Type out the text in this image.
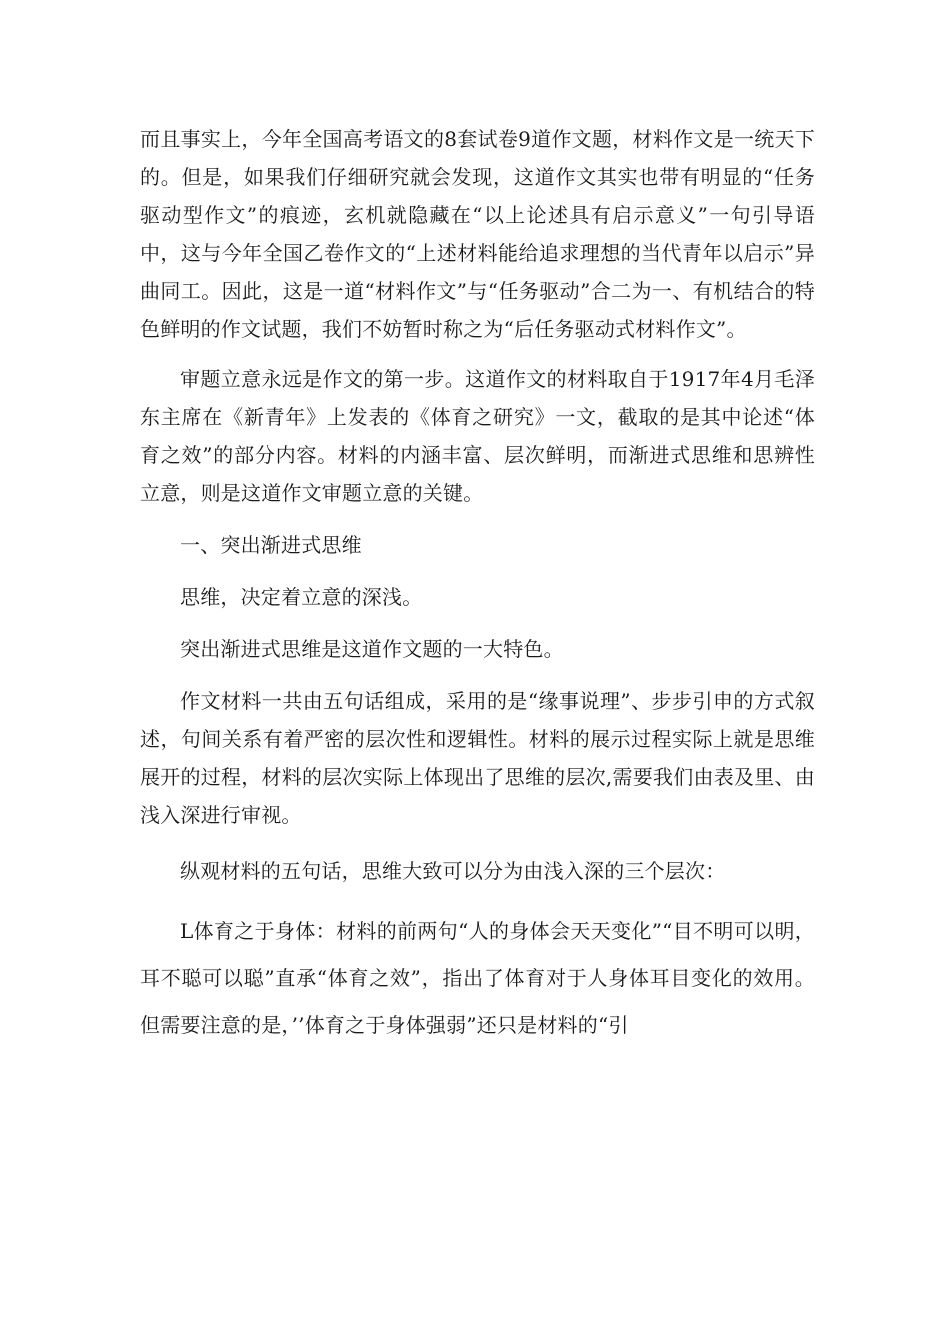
而且事实上，今年全国高考语文的8套试卷9道作文题，材料作文是一统天下的。但是，如果我们仔细研究就会发现，这道作文其实也带有明显的“任务驱动型作文”的痕迹，玄机就隐藏在“以上论述具有启示意义”一句引导语中，这与今年全国乙卷作文的“上述材料能给追求理想的当代青年以启示”异曲同工。因此，这是一道“材料作文”与“任务驱动”合二为一、有机结合的特色鲜明的作文试题，我们不妨暂时称之为“后任务驱动式材料作文”。

审题立意永远是作文的第一步。这道作文的材料取自于1917年4月毛泽东主席在《新青年》上发表的《体育之研究》一文，截取的是其中论述“体育之效”的部分内容。材料的内涵丰富、层次鲜明，而渐进式思维和思辨性立意，则是这道作文审题立意的关键。

一、突出渐进式思维

思维，决定着立意的深浅。

突出渐进式思维是这道作文题的一大特色。

作文材料一共由五句话组成，采用的是“缘事说理”、步步引申的方式叙述，句间关系有着严密的层次性和逻辑性。材料的展示过程实际上就是思维展开的过程，材料的层次实际上体现出了思维的层次,需要我们由表及里、由浅入深进行审视。

纵观材料的五句话，思维大致可以分为由浅入深的三个层次：

L体育之于身体：材料的前两句“人的身体会天天变化”“目不明可以明，耳不聪可以聪”直承“体育之效”，指出了体育对于人身体耳目变化的效用。但需要注意的是，’’体育之于身体强弱”还只是材料的“引
